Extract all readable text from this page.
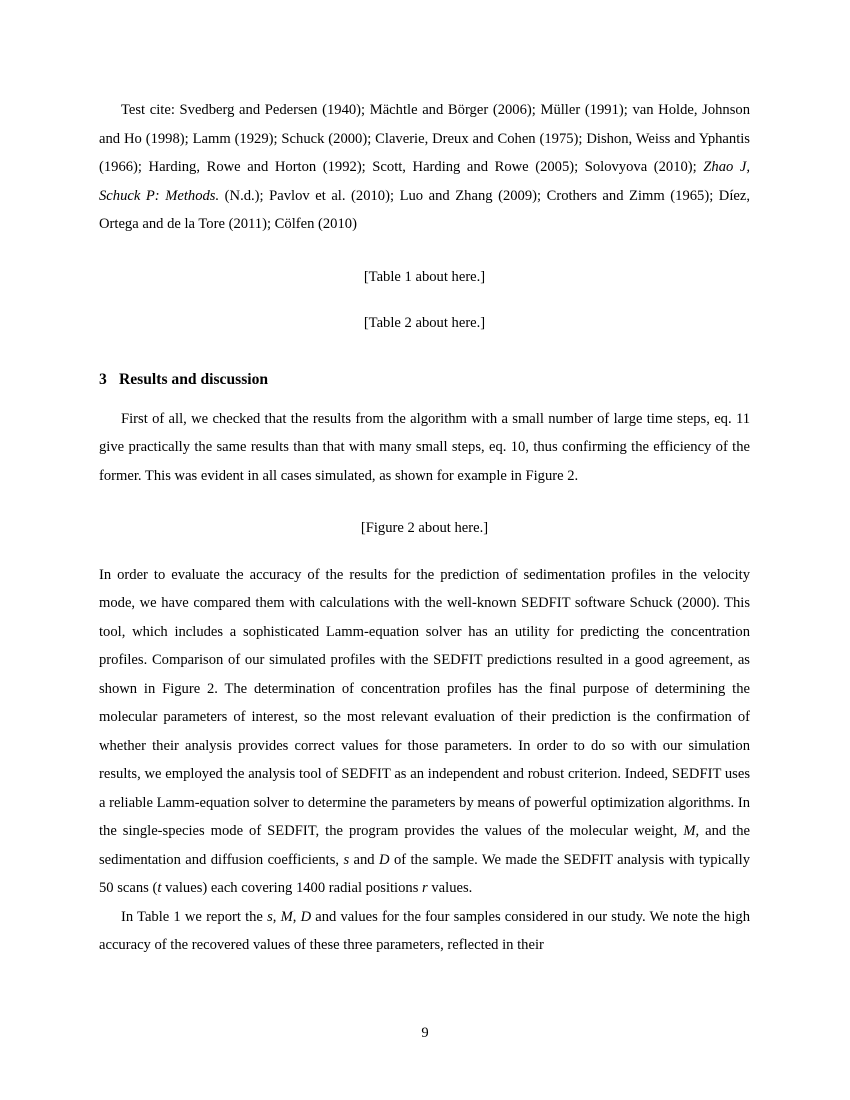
Test cite: Svedberg and Pedersen (1940); Mächtle and Börger (2006); Müller (1991); van Holde, Johnson and Ho (1998); Lamm (1929); Schuck (2000); Claverie, Dreux and Cohen (1975); Dishon, Weiss and Yphantis (1966); Harding, Rowe and Horton (1992); Scott, Harding and Rowe (2005); Solovyova (2010); Zhao J, Schuck P: Methods. (N.d.); Pavlov et al. (2010); Luo and Zhang (2009); Crothers and Zimm (1965); Díez, Ortega and de la Tore (2011); Cölfen (2010)

[Table 1 about here.]

[Table 2 about here.]

3 Results and discussion

First of all, we checked that the results from the algorithm with a small number of large time steps, eq. 11 give practically the same results than that with many small steps, eq. 10, thus confirming the efficiency of the former. This was evident in all cases simulated, as shown for example in Figure 2.

[Figure 2 about here.]

In order to evaluate the accuracy of the results for the prediction of sedimentation profiles in the velocity mode, we have compared them with calculations with the well-known SEDFIT software Schuck (2000). This tool, which includes a sophisticated Lamm-equation solver has an utility for predicting the concentration profiles. Comparison of our simulated profiles with the SEDFIT predictions resulted in a good agreement, as shown in Figure 2. The determination of concentration profiles has the final purpose of determining the molecular parameters of interest, so the most relevant evaluation of their prediction is the confirmation of whether their analysis provides correct values for those parameters. In order to do so with our simulation results, we employed the analysis tool of SEDFIT as an independent and robust criterion. Indeed, SEDFIT uses a reliable Lamm-equation solver to determine the parameters by means of powerful optimization algorithms. In the single-species mode of SEDFIT, the program provides the values of the molecular weight, M, and the sedimentation and diffusion coefficients, s and D of the sample. We made the SEDFIT analysis with typically 50 scans (t values) each covering 1400 radial positions r values.

In Table 1 we report the s, M, D and values for the four samples considered in our study. We note the high accuracy of the recovered values of these three parameters, reflected in their

9
